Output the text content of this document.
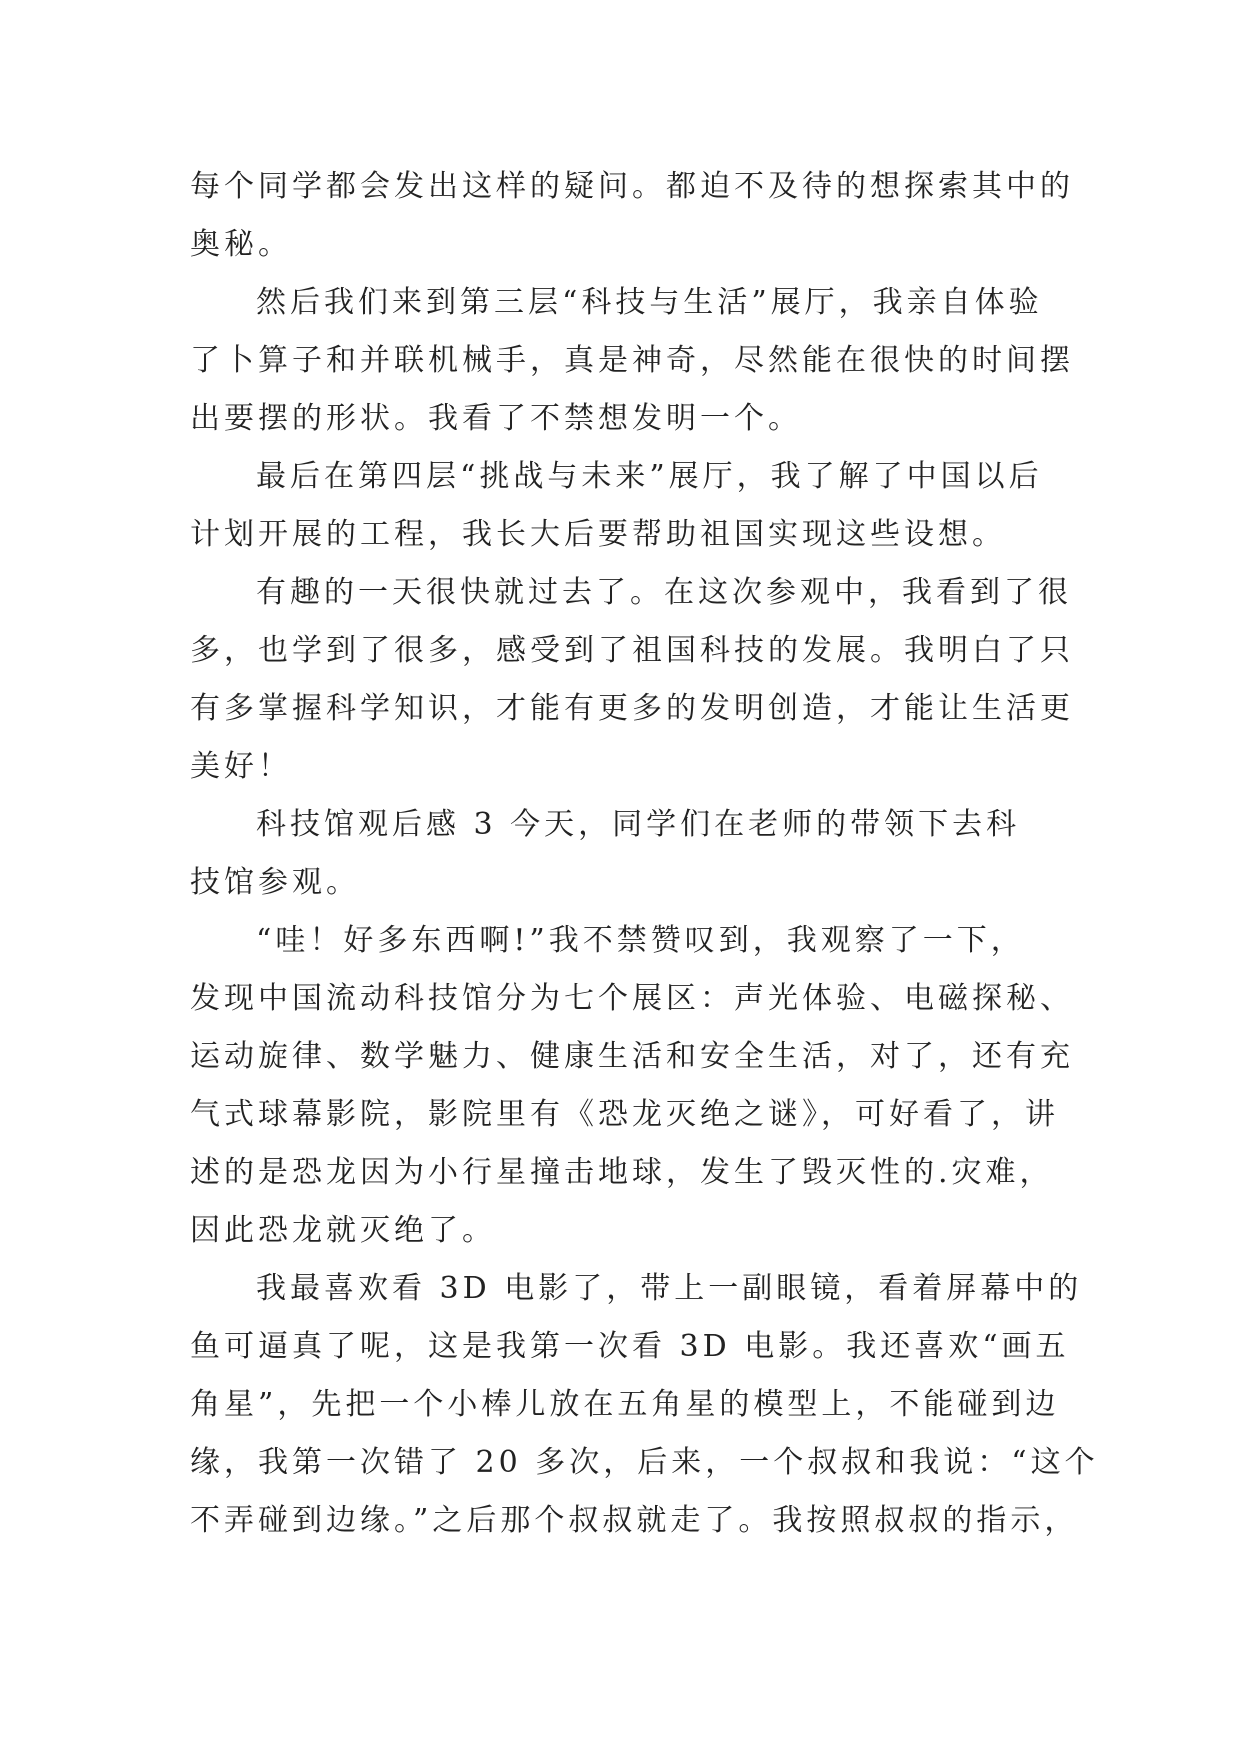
每个同学都会发出这样的疑问。都迫不及待的想探索其中的
奥秘。
然后我们来到第三层“科技与生活”展厅，我亲自体验
了卜算子和并联机械手，真是神奇，尽然能在很快的时间摆
出要摆的形状。我看了不禁想发明一个。
最后在第四层“挑战与未来”展厅，我了解了中国以后
计划开展的工程，我长大后要帮助祖国实现这些设想。
有趣的一天很快就过去了。在这次参观中，我看到了很
多，也学到了很多，感受到了祖国科技的发展。我明白了只
有多掌握科学知识，才能有更多的发明创造，才能让生活更
美好！
科技馆观后感 3 今天，同学们在老师的带领下去科
技馆参观。
“哇！好多东西啊!”我不禁赞叹到，我观察了一下，
发现中国流动科技馆分为七个展区：声光体验、电磁探秘、
运动旋律、数学魅力、健康生活和安全生活，对了，还有充
气式球幕影院，影院里有《恐龙灭绝之谜》，可好看了，讲
述的是恐龙因为小行星撞击地球，发生了毁灭性的.灾难，
因此恐龙就灭绝了。
我最喜欢看 3D 电影了，带上一副眼镜，看着屏幕中的
鱼可逼真了呢，这是我第一次看 3D 电影。我还喜欢“画五
角星”，先把一个小棒儿放在五角星的模型上，不能碰到边
缘，我第一次错了 20 多次，后来，一个叔叔和我说：“这个
不弄碰到边缘。”之后那个叔叔就走了。我按照叔叔的指示，
